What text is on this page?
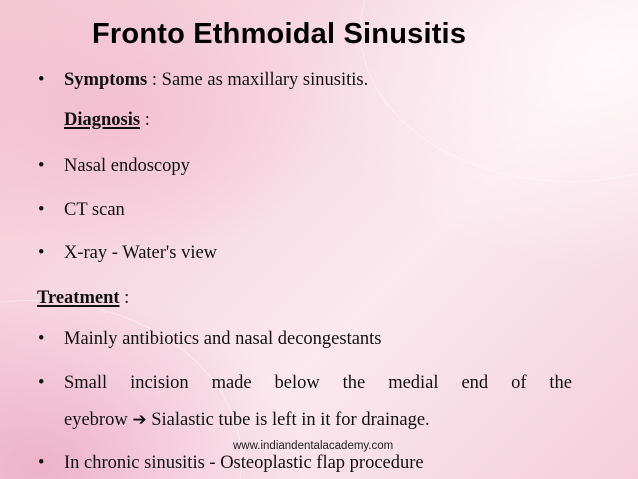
Fronto Ethmoidal Sinusitis
• Symptoms : Same as maxillary sinusitis.
Diagnosis :
• Nasal endoscopy
• CT scan
• X-ray - Water's view
Treatment :
• Mainly antibiotics and nasal decongestants
•	Small incision made below the medial end of the
eyebrow ➔ Sialastic tube is left in it for drainage.
www.indiandentalacademy.com
• In chronic sinusitis - Osteoplastic flap procedure
